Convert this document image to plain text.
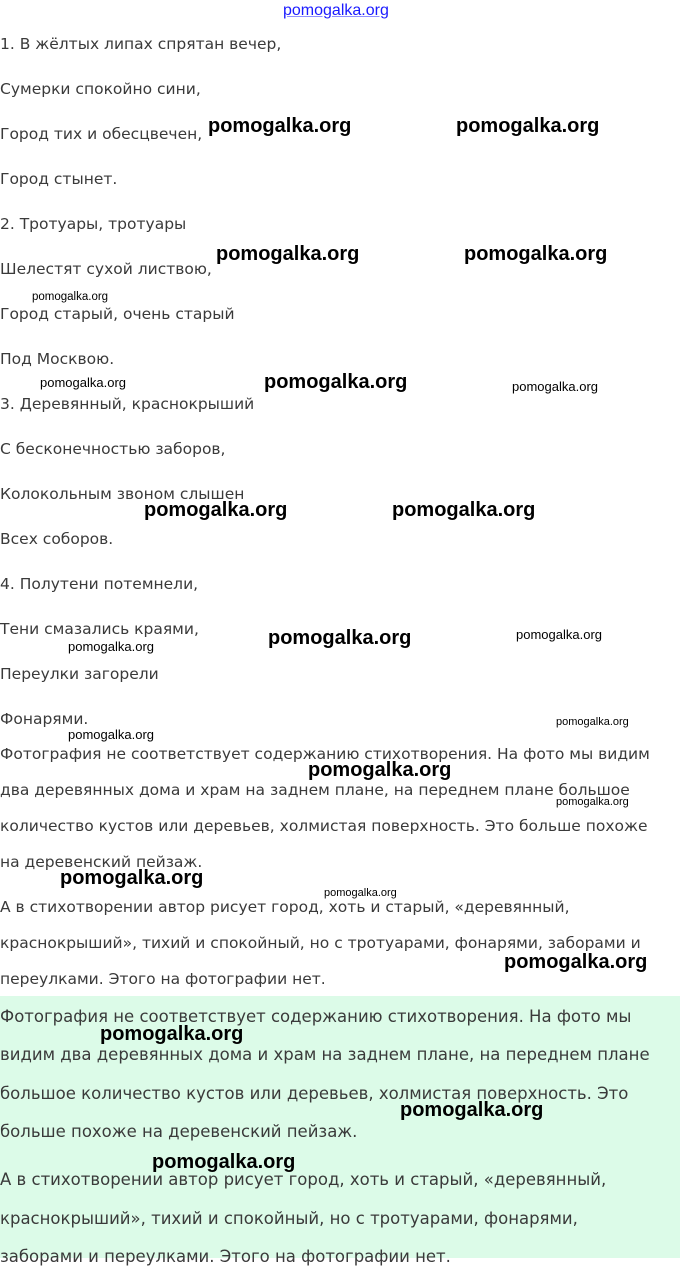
pomogalka.org
1. В жёлтых липах спрятан вечер,
Сумерки спокойно сини,
Город тих и обесцвечен,
Город стынет.
2. Тротуары, тротуары
Шелестят сухой листвою,
Город старый, очень старый
Под Москвою.
3. Деревянный, краснокрыший
С бесконечностью заборов,
Колокольным звоном слышен
Всех соборов.
4. Полутени потемнели,
Тени смазались краями,
Переулки загорели
Фонарями.
Фотография не соответствует содержанию стихотворения. На фото мы видим
два деревянных дома и храм на заднем плане, на переднем плане большое
количество кустов или деревьев, холмистая поверхность. Это больше похоже
на деревенский пейзаж.
А в стихотворении автор рисует город, хоть и старый, «деревянный,
краснокрыший», тихий и спокойный, но с тротуарами, фонарями, заборами и
переулками. Этого на фотографии нет.

Фотография не соответствует содержанию стихотворения. На фото мы

видим два деревянных дома и храм на заднем плане, на переднем плане

большое количество кустов или деревьев, холмистая поверхность. Это

больше похоже на деревенский пейзаж.

А в стихотворении автор рисует город, хоть и старый, «деревянный,

краснокрыший», тихий и спокойный, но с тротуарами, фонарями,

заборами и переулками. Этого на фотографии нет.

pomogalka.org	pomogalka.org
pomogalka.org	pomogalka.org
pomogalka.org
pomogalka.org	pomogalka.org	pomogalka.org
pomogalka.org	pomogalka.org
pomogalka.org	pomogalka.org
pomogalka.org
pomogalka.org
pomogalka.org
pomogalka.org
pomogalka.org
pomogalka.org
pomogalka.org
pomogalka.org
pomogalka.org
pomogalka.org
pomogalka.org
